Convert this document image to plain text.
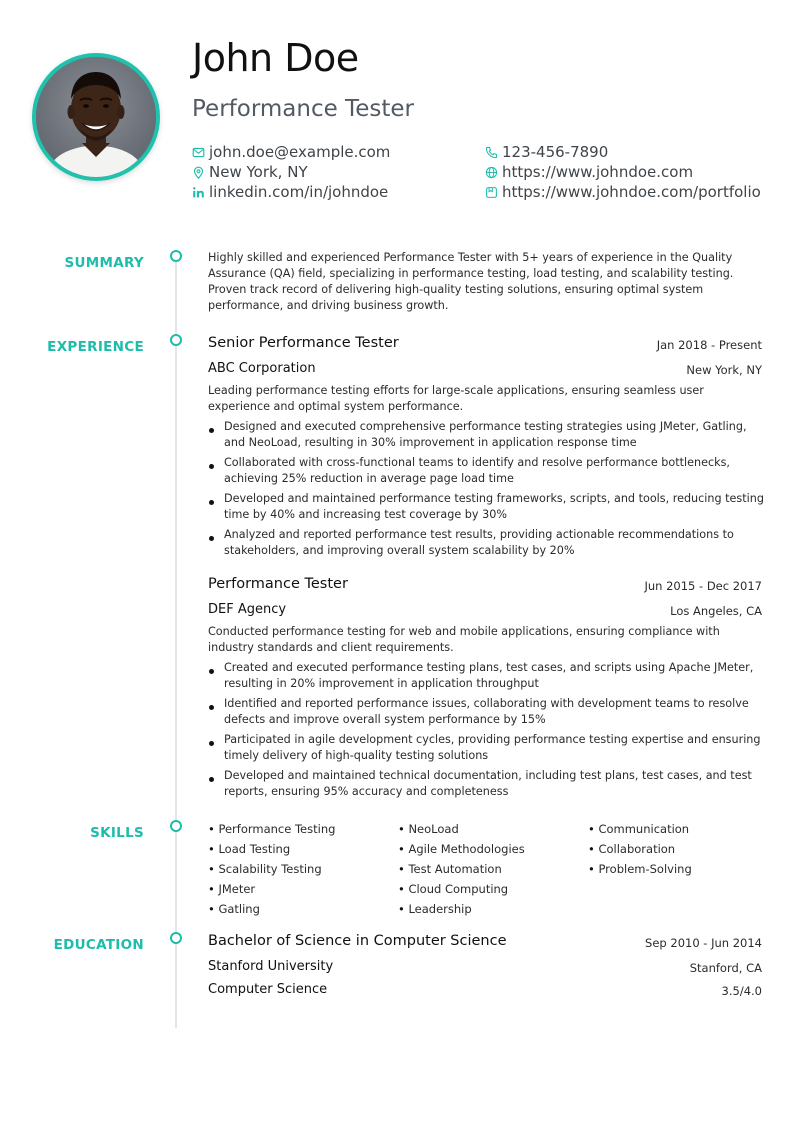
John Doe
Performance Tester
john.doe@example.com
New York, NY
linkedin.com/in/johndoe
123-456-7890
https://www.johndoe.com
https://www.johndoe.com/portfolio
SUMMARY	Highly skilled and experienced Performance Tester with 5+ years of experience in the Quality Assurance (QA) field, specializing in performance testing, load testing, and scalability testing. Proven track record of delivering high-quality testing solutions, ensuring optimal system performance, and driving business growth.

EXPERIENCE	Senior Performance Tester	Jan 2018 - Present
ABC Corporation	New York, NY

Leading performance testing efforts for large-scale applications, ensuring seamless user experience and optimal system performance.

Designed and executed comprehensive performance testing strategies using JMeter, Gatling, and NeoLoad, resulting in 30% improvement in application response time
Collaborated with cross-functional teams to identify and resolve performance bottlenecks, achieving 25% reduction in average page load time
Developed and maintained performance testing frameworks, scripts, and tools, reducing testing time by 40% and increasing test coverage by 30%
Analyzed and reported performance test results, providing actionable recommendations to stakeholders, and improving overall system scalability by 20%
Performance Tester	Jun 2015 - Dec 2017
DEF Agency	Los Angeles, CA

Conducted performance testing for web and mobile applications, ensuring compliance with industry standards and client requirements.

Created and executed performance testing plans, test cases, and scripts using Apache JMeter, resulting in 20% improvement in application throughput
Identified and reported performance issues, collaborating with development teams to resolve defects and improve overall system performance by 15%
Participated in agile development cycles, providing performance testing expertise and ensuring timely delivery of high-quality testing solutions
Developed and maintained technical documentation, including test plans, test cases, and test reports, ensuring 95% accuracy and completeness
SKILLS
•	Performance Testing
• Load Testing
• Scalability Testing
• JMeter
• Gatling
• NeoLoad
• Agile Methodologies
• Test Automation
• Cloud Computing
• Leadership
• Communication
• Collaboration
• Problem-Solving
EDUCATION	Bachelor of Science in Computer Science	Sep 2010 - Jun 2014
Stanford University	Stanford, CA
Computer Science	3.5/4.0
